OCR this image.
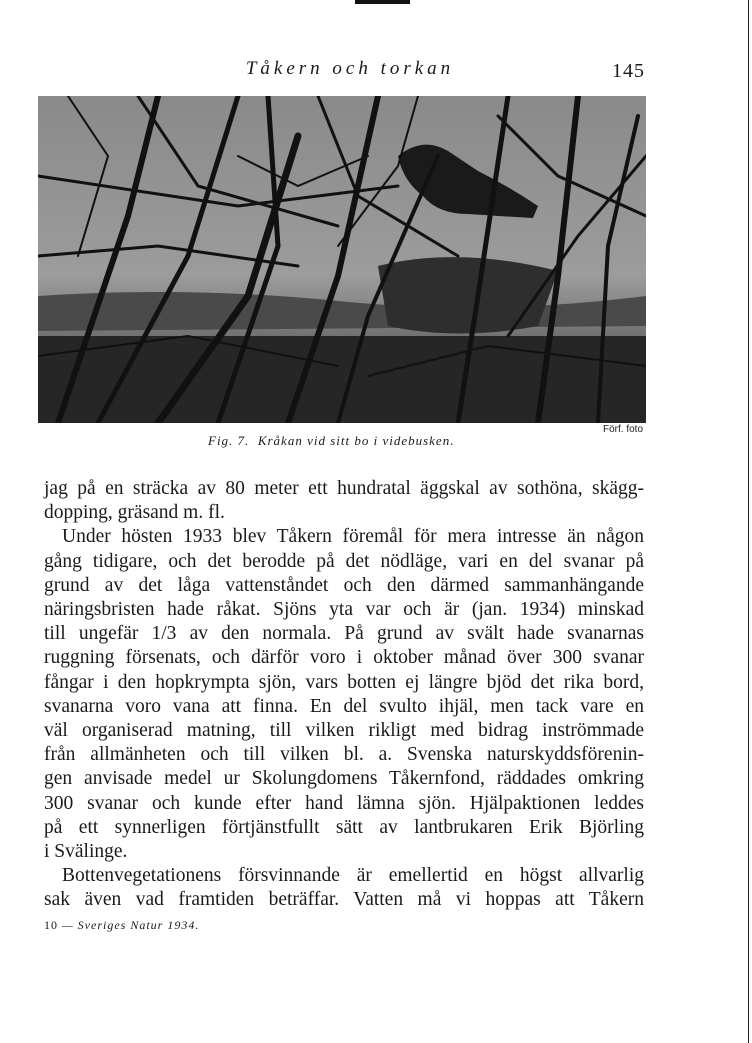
Tåkern och torkan	145
Förf. foto
Fig. 7. Kråkan vid sitt bo i videbusken.
jag på en sträcka av 80 meter ett hundratal äggskal av sothöna, skägg-
dopping, gräsand m. fl.
Under hösten 1933 blev Tåkern föremål för mera intresse än någon
gång tidigare, och det berodde på det nödläge, vari en del svanar på
grund av det låga vattenståndet och den därmed sammanhängande
näringsbristen hade råkat. Sjöns yta var och är (jan. 1934) minskad
till ungefär 1/3 av den normala. På grund av svält hade svanarnas
ruggning försenats, och därför voro i oktober månad över 300 svanar
fångar i den hopkrympta sjön, vars botten ej längre bjöd det rika bord,
svanarna voro vana att finna. En del svulto ihjäl, men tack vare en
väl organiserad matning, till vilken rikligt med bidrag inströmmade
från allmänheten och till vilken bl. a. Svenska naturskyddsförenin-
gen anvisade medel ur Skolungdomens Tåkernfond, räddades omkring
300 svanar och kunde efter hand lämna sjön. Hjälpaktionen leddes
på ett synnerligen förtjänstfullt sätt av lantbrukaren Erik Björling
i Svälinge.
Bottenvegetationens försvinnande är emellertid en högst allvarlig
sak även vad framtiden beträffar. Vatten må vi hoppas att Tåkern
10 — Sveriges Natur 1934.
